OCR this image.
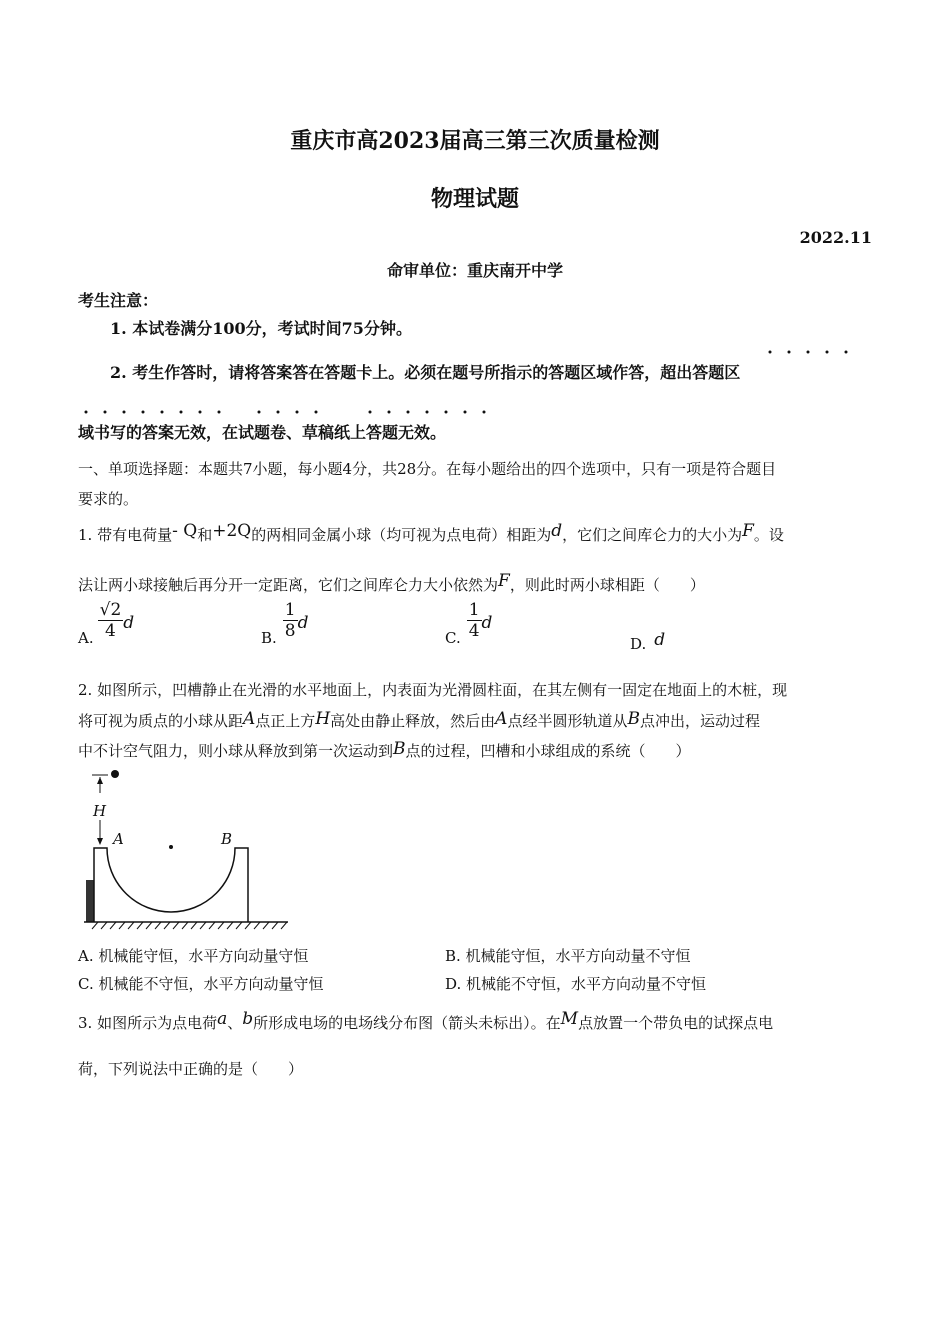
重庆市高2023届高三第三次质量检测
物理试题
2022.11
命审单位：重庆南开中学
考生注意：
1. 本试卷满分100分，考试时间75分钟。
2. 考生作答时，请将答案答在答题卡上。必须在题号所指示的答题区域作答，超出答题区
域书写的答案无效，在试题卷、草稿纸上答题无效。
一、单项选择题：本题共7小题，每小题4分，共28分。在每小题给出的四个选项中，只有一项是符合题目
要求的。
1. 带有电荷量- Q和+2Q的两相同金属小球（均可视为点电荷）相距为d，它们之间库仑力的大小为F。设
法让两小球接触后再分开一定距离，它们之间库仑力大小依然为F，则此时两小球相距（　　）
A. $\frac{√2}{4}$ d
B. $\frac{1}{8}$ d
C. $\frac{1}{4}$ d
D. d
2. 如图所示，凹槽静止在光滑的水平地面上，内表面为光滑圆柱面，在其左侧有一固定在地面上的木桩，现
将可视为质点的小球从距A点正上方H高处由静止释放，然后由A点经半圆形轨道从B点冲出，运动过程
中不计空气阻力，则小球从释放到第一次运动到B点的过程，凹槽和小球组成的系统（　　）
H
A	B
A. 机械能守恒，水平方向动量守恒	B. 机械能守恒，水平方向动量不守恒
C. 机械能不守恒，水平方向动量守恒	D. 机械能不守恒，水平方向动量不守恒
3. 如图所示为点电荷a、b所形成电场的电场线分布图（箭头未标出）。在M点放置一个带负电的试探点电
荷，下列说法中正确的是（　　）
